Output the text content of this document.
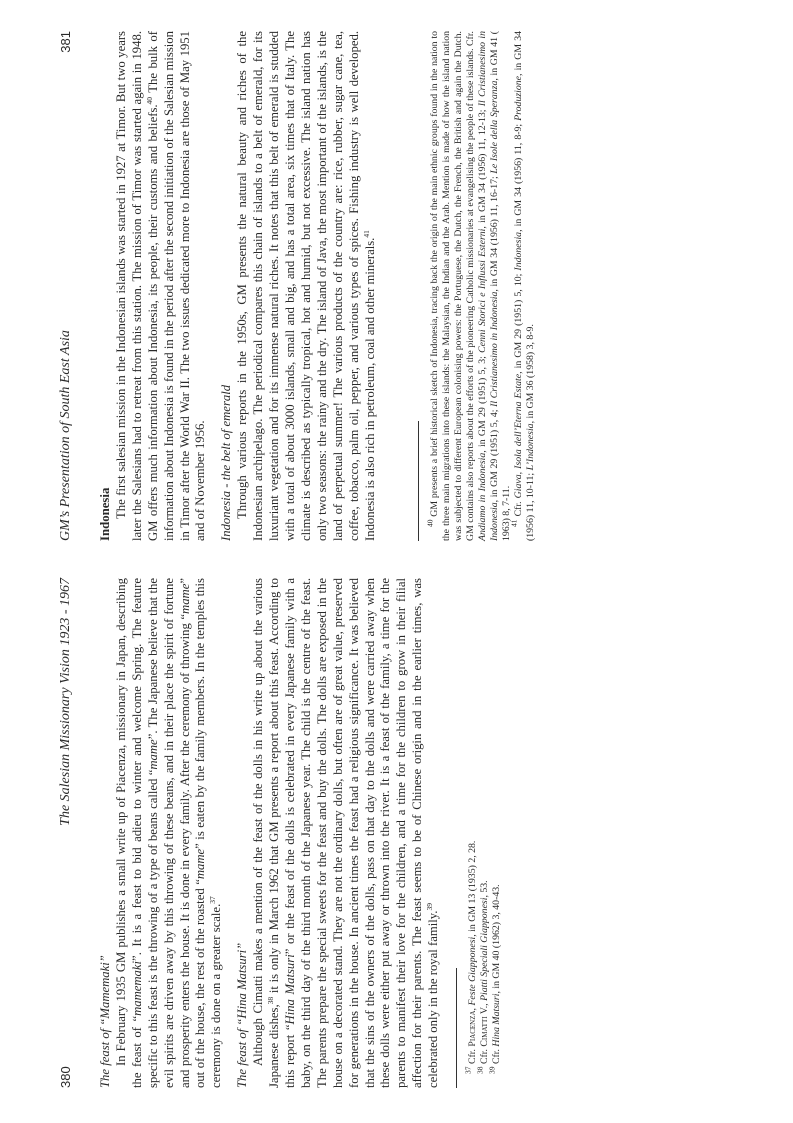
380
The Salesian Missionary Vision 1923 - 1967

The feast of “Mamemaki” In February 1935 GM publishes a small write up of Piacenza, missionary in Japan, describing the feast of “mamemaki”. It is a feast to bid adieu to winter and welcome Spring. The feature specific to this feast is the throwing of a type of beans called “mame”. The Japanese believe that the evil spirits are driven away by this throwing of these beans, and in their place the spirit of fortune and prosperity enters the house. It is done in every family. After the ceremony of throwing “mame” out of the house, the rest of the roasted “mame” is eaten by the family members. In the temples this ceremony is done on a greater scale.$^{37}$

The feast of “Hina Matsuri” Although Cimatti makes a mention of the feast of the dolls in his write up about the various Japanese dishes,$^{38}$ it is only in March 1962 that GM presents a report about this feast. According to this report “Hina Matsuri” or the feast of the dolls is celebrated in every Japanese family with a baby, on the third day of the third month of the Japanese year. The child is the centre of the feast. The parents prepare the special sweets for the feast and buy the dolls. The dolls are exposed in the house on a decorated stand. They are not the ordinary dolls, but often are of great value, preserved for generations in the house. In ancient times the feast had a religious significance. It was believed that the sins of the owners of the dolls, pass on that day to the dolls and were carried away when these dolls were either put away or thrown into the river. It is a feast of the family, a time for the parents to manifest their love for the children, and a time for the children to grow in their filial affection for their parents. The feast seems to be of Chinese origin and in the earlier times, was celebrated only in the royal family.$^{39}$

$^{37}$ Cfr. Piacenza, Feste Giapponesi, in GM 13 (1935) 2, 28.

$^{38}$ Cfr. Cimatti V., Piatti Speciali Giapponesi, 53.

$^{39}$ Cfr. Hina Matsuri, in GM 40 (1962) 3, 40-43.

GM’s Presentation of South East Asia
381

Indonesia The first salesian mission in the Indonesian islands was started in 1927 at Timor. But two years later the Salesians had to retreat from this station. The mission of Timor was started again in 1948. GM offers much information about Indonesia, its people, their customs and beliefs.$^{40}$ The bulk of information about Indonesia is found in the period after the second initiation of the Salesian mission in Timor after the World War II. The two issues dedicated more to Indonesia are those of May 1951 and of November 1956. Indonesia - the belt of emerald Through various reports in the 1950s, GM presents the natural beauty and riches of the Indonesian archipelago. The periodical compares this chain of islands to a belt of emerald, for its luxuriant vegetation and for its immense natural riches. It notes that this belt of emerald is studded with a total of about 3000 islands, small and big, and has a total area, six times that of Italy. The climate is described as typically tropical, hot and humid, but not excessive. The island nation has only two seasons: the rainy and the dry. The island of Java, the most important of the islands, is the land of perpetual summer! The various products of the country are: rice, rubber, sugar cane, tea, coffee, tobacco, palm oil, pepper, and various types of spices. Fishing industry is well developed. Indonesia is also rich in petroleum, coal and other minerals.$^{41}$

$^{40}$ GM presents a brief historical sketch of Indonesia, tracing back the origin of the main ethnic groups found in the nation to the three main migrations into these islands: the Malaysian, the Indian and the Arab. Mention is made of how the island nation was subjected to different European colonising powers: the Portuguese, the Dutch, the French, the British and again the Dutch. GM contains also reports about the efforts of the pioneering Catholic missionaries at evangelising the people of these islands. Cfr. Andiamo in Indonesia, in GM 29 (1951) 5, 3; Cenni Storici e Influssi Esterni, in GM 34 (1956) 11, 12-13; Il Cristianesimo in Indonesia, in GM 29 (1951) 5, 4; Il Cristianesimo in Indonesia, in GM 34 (1956) 11, 16-17; Le Isole della Speranza, in GM 41 ( 1963) 8, 7-11.

$^{41}$ Cfr. Giava, Isola dell’Eterna Estate, in GM 29 (1951) 5, 10; Indonesia, in GM 34 (1956) 11, 8-9; Produzione, in GM 34 (1956) 11, 10-11; L’Indonesia, in GM 36 (1958) 3, 8-9.
